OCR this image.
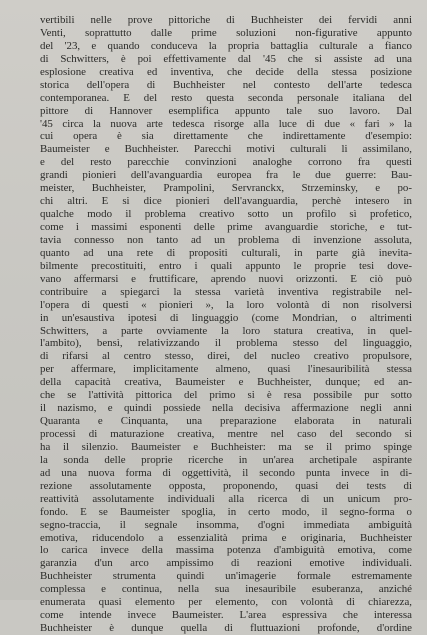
vertibili nelle prove pittoriche di Buchheister dei fervidi anni
Venti, soprattutto dalle prime soluzioni non-figurative appunto
del '23, e quando conduceva la propria battaglia culturale a fianco
di Schwitters, è poi effettivamente dal '45 che si assiste ad una
esplosione creativa ed inventiva, che decide della stessa posizione
storica dell'opera di Buchheister nel contesto dell'arte tedesca
contemporanea. E del resto questa seconda personale italiana del
pittore di Hannover esemplifica appunto tale suo lavoro. Dal
'45 circa la nuova arte tedesca risorge alla luce di due « fari » la
cui opera è sia direttamente che indirettamente d'esempio:
Baumeister e Buchheister. Parecchi motivi culturali li assimilano,
e del resto parecchie convinzioni analoghe corrono fra questi
grandi pionieri dell'avanguardia europea fra le due guerre: Bau-
meister, Buchheister, Prampolini, Servranckx, Strzeminsky, e po-
chi altri. E si dice pionieri dell'avanguardia, perchè intesero in
qualche modo il problema creativo sotto un profilo sì profetico,
come i massimi esponenti delle prime avanguardie storiche, e tut-
tavia connesso non tanto ad un problema di invenzione assoluta,
quanto ad una rete di propositi culturali, in parte già inevita-
bilmente precostituiti, entro i quali appunto le proprie tesi dove-
vano affermarsi e fruttificare, aprendo nuovi orizzonti. E ciò può
contribuire a spiegarci la stessa varietà inventiva registrabile nel-
l'opera di questi « pionieri », la loro volontà di non risolversi
in un'esaustiva ipotesi di linguaggio (come Mondrian, o altrimenti
Schwitters, a parte ovviamente la loro statura creativa, in quel-
l'ambito), bensì, relativizzando il problema stesso del linguaggio,
di rifarsi al centro stesso, direi, del nucleo creativo propulsore,
per affermare, implicitamente almeno, quasi l'inesauribilità stessa
della capacità creativa, Baumeister e Buchheister, dunque; ed an-
che se l'attività pittorica del primo si è resa possibile pur sotto
il nazismo, e quindi possiede nella decisiva affermazione negli anni
Quaranta e Cinquanta, una preparazione elaborata in naturali
processi di maturazione creativa, mentre nel caso del secondo si
ha il silenzio. Baumeister e Buchheister: ma se il primo spinge
la sonda delle proprie ricerche in un'area archetipale aspirante
ad una nuova forma di oggettività, il secondo punta invece in di-
rezione assolutamente opposta, proponendo, quasi dei tests di
reattività assolutamente individuali alla ricerca di un unicum pro-
fondo. E se Baumeister spoglia, in certo modo, il segno-forma o
segno-traccia, il segnale insomma, d'ogni immediata ambiguità
emotiva, riducendolo a essenzialità prima e originaria, Buchheister
lo carica invece della massima potenza d'ambiguità emotiva, come
garanzia d'un arco ampissimo di reazioni emotive individuali.
Buchheister strumenta quindi un'imagerie formale estremamente
complessa e continua, nella sua inesauribile esuberanza, anziché
enumerata quasi elemento per elemento, con volontà di chiarezza,
come intende invece Baumeister. L'area espressiva che interessa
Buchheister è dunque quella di fluttuazioni profonde, d'ordine
